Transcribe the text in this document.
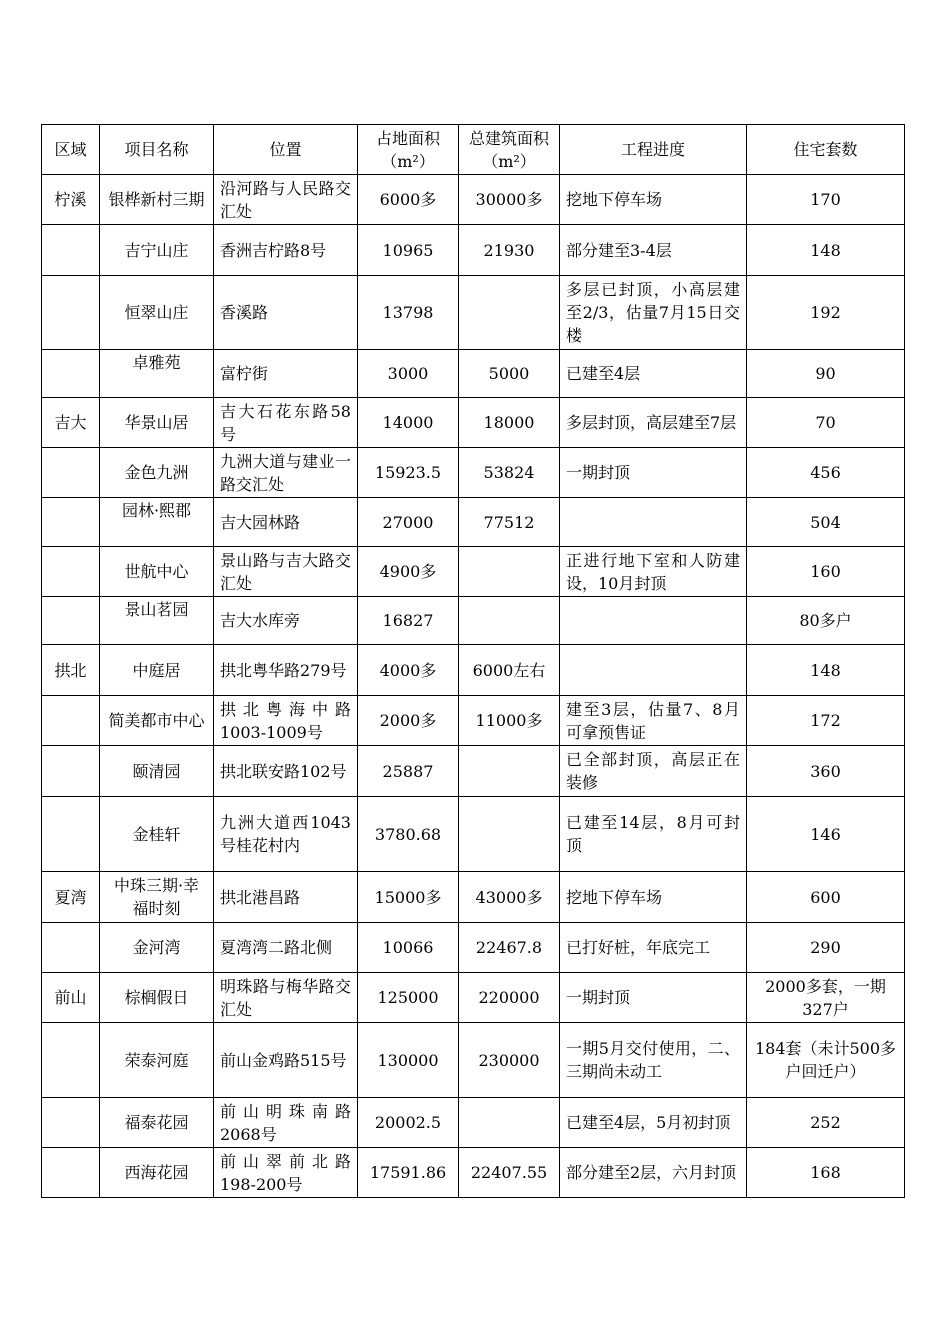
区域	项目名称	位置	占地面积（m²）	总建筑面积（m²）	工程进度	住宅套数
柠溪	银桦新村三期	沿河路与人民路交汇处	6000多	30000多	挖地下停车场	170
	吉宁山庄	香洲吉柠路8号	10965	21930	部分建至3-4层	148
	恒翠山庄	香溪路	13798		多层已封顶，小高层建至2/3，估量7月15日交楼	192
	卓雅苑	富柠街	3000	5000	已建至4层	90
吉大	华景山居	吉大石花东路58号	14000	18000	多层封顶，高层建至7层	70
	金色九洲	九洲大道与建业一路交汇处	15923.5	53824	一期封顶	456
	园林·熙郡	吉大园林路	27000	77512		504
	世航中心	景山路与吉大路交汇处	4900多		正进行地下室和人防建设，10月封顶	160
	景山茗园	吉大水库旁	16827			80多户
拱北	中庭居	拱北粤华路279号	4000多	6000左右		148
	简美都市中心	拱北粤海中路1003-1009号	2000多	11000多	建至3层，估量7、8月可拿预售证	172
	颐清园	拱北联安路102号	25887		已全部封顶，高层正在装修	360
	金桂轩	九洲大道西1043号桂花村内	3780.68		已建至14层，8月可封顶	146
夏湾	中珠三期·幸福时刻	拱北港昌路	15000多	43000多	挖地下停车场	600
	金河湾	夏湾湾二路北侧	10066	22467.8	已打好桩，年底完工	290
前山	棕榈假日	明珠路与梅华路交汇处	125000	220000	一期封顶	2000多套，一期327户
	荣泰河庭	前山金鸡路515号	130000	230000	一期5月交付使用，二、三期尚未动工	184套（未计500多户回迁户）
	福泰花园	前山明珠南路2068号	20002.5		已建至4层，5月初封顶	252
	西海花园	前山翠前北路198-200号	17591.86	22407.55	部分建至2层，六月封顶	168
